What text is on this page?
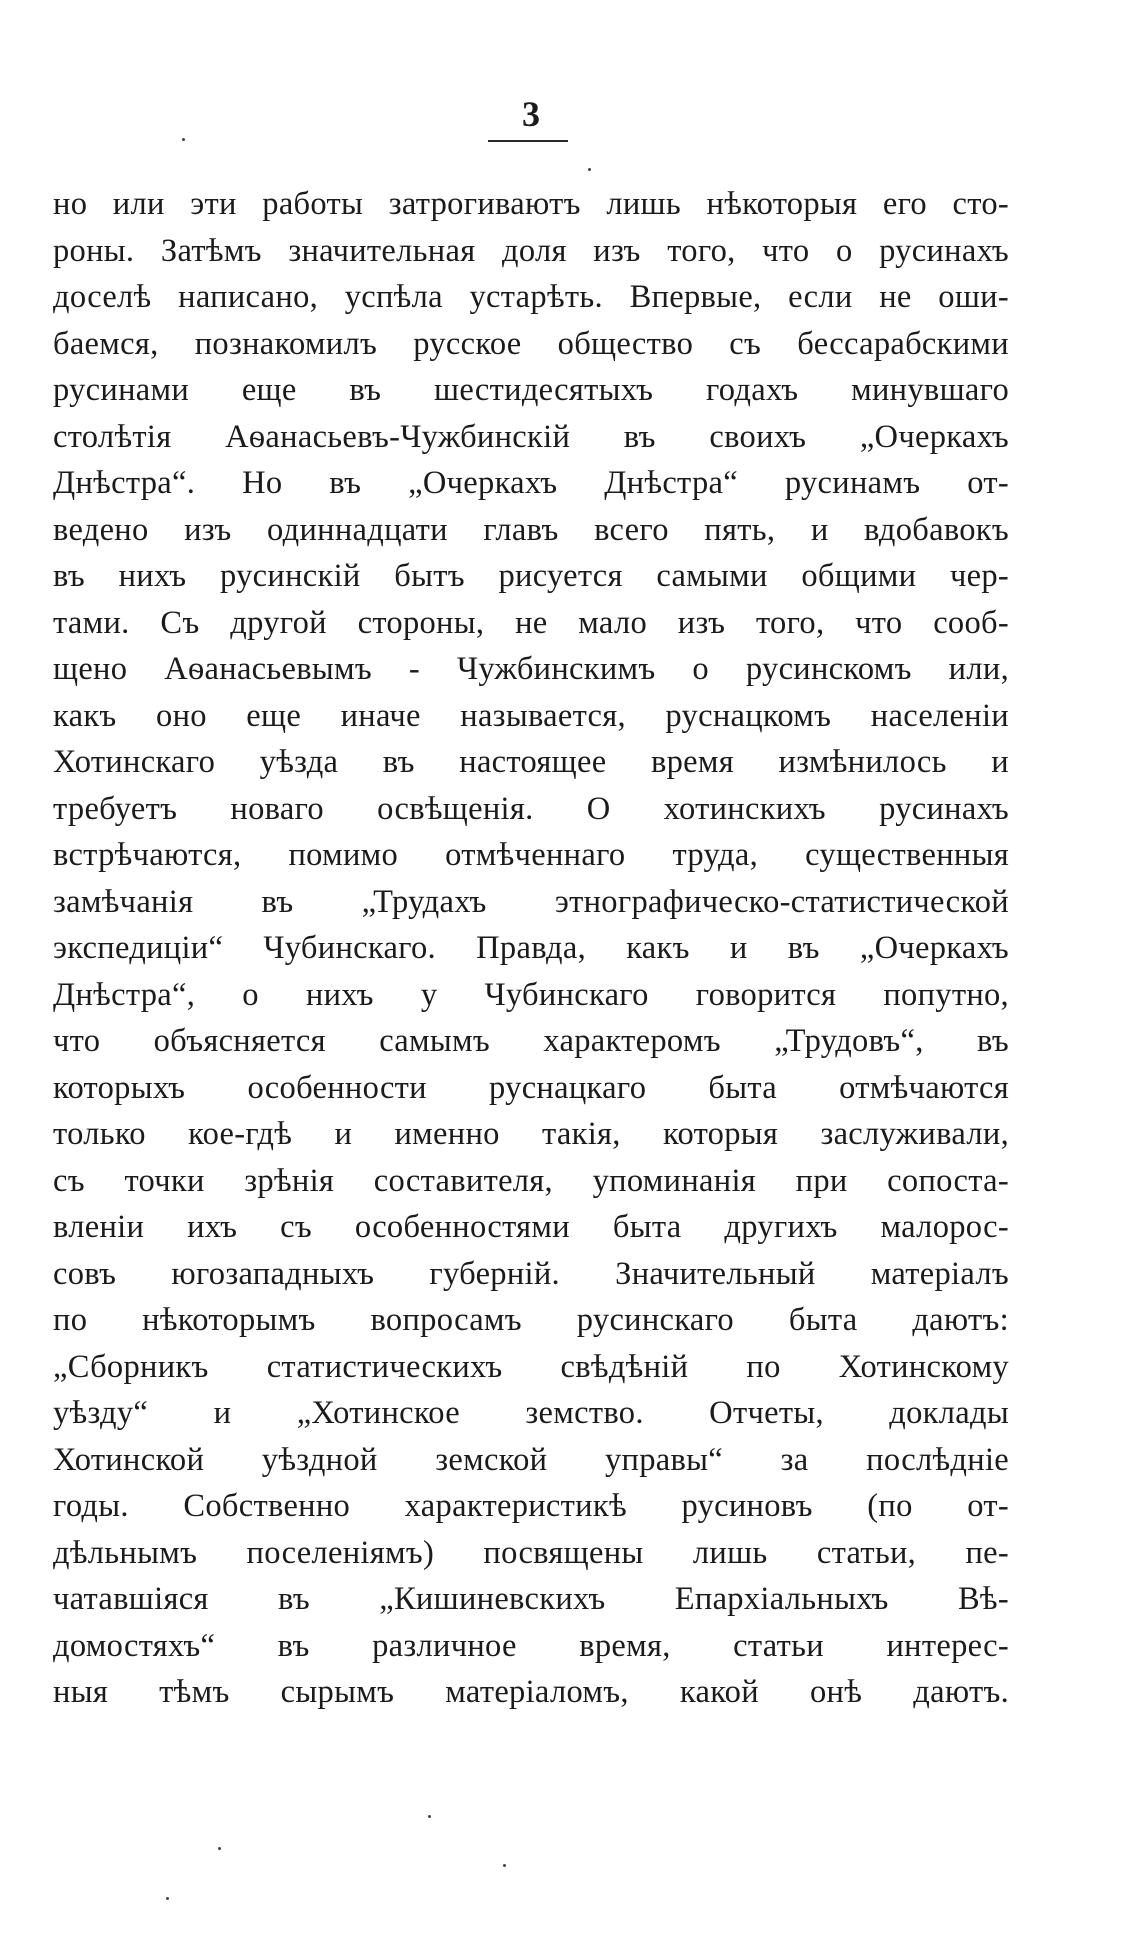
3
но или эти работы затрогиваютъ лишь нѣкоторыя его сто-
роны. Затѣмъ значительная доля изъ того, что о русинахъ
доселѣ написано, успѣла устарѣть. Впервые, если не оши-
баемся, познакомилъ русское общество съ бессарабскими
русинами еще въ шестидесятыхъ годахъ минувшаго
столѣтія Аѳанасьевъ-Чужбинскій въ своихъ „Очеркахъ
Днѣстра“. Но въ „Очеркахъ Днѣстра“ русинамъ от-
ведено изъ одиннадцати главъ всего пять, и вдобавокъ
въ нихъ русинскій бытъ рисуется самыми общими чер-
тами. Съ другой стороны, не мало изъ того, что сооб-
щено Аѳанасьевымъ - Чужбинскимъ о русинскомъ или,
какъ оно еще иначе называется, руснацкомъ населеніи
Хотинскаго уѣзда въ настоящее время измѣнилось и
требуетъ новаго освѣщенія. О хотинскихъ русинахъ
встрѣчаются, помимо отмѣченнаго труда, существенныя
замѣчанія въ „Трудахъ этнографическо-статистической
экспедиціи“ Чубинскаго. Правда, какъ и въ „Очеркахъ
Днѣстра“, о нихъ у Чубинскаго говорится попутно,
что объясняется самымъ характеромъ „Трудовъ“, въ
которыхъ особенности руснацкаго быта отмѣчаются
только кое-гдѣ и именно такія, которыя заслуживали,
съ точки зрѣнія составителя, упоминанія при сопоста-
вленіи ихъ съ особенностями быта другихъ малорос-
совъ югозападныхъ губерній. Значительный матеріалъ
по нѣкоторымъ вопросамъ русинскаго быта даютъ:
„Сборникъ статистическихъ свѣдѣній по Хотинскому
уѣзду“ и „Хотинское земство. Отчеты, доклады
Хотинской уѣздной земской управы“ за послѣдніе
годы. Собственно характеристикѣ русиновъ (по от-
дѣльнымъ поселеніямъ) посвящены лишь статьи, пе-
чатавшіяся въ „Кишиневскихъ Епархіальныхъ Вѣ-
домостяхъ“ въ различное время, статьи интерес-
ныя тѣмъ сырымъ матеріаломъ, какой онѣ даютъ.
